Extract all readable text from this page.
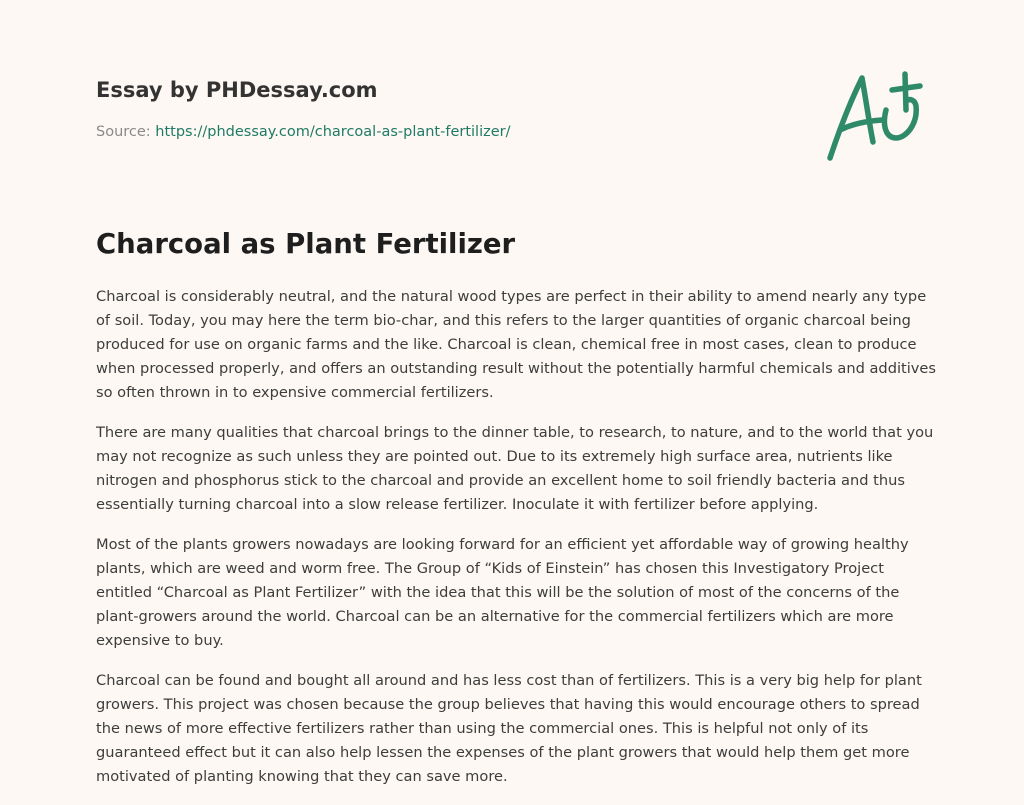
Essay by PHDessay.com
Source: https://phdessay.com/charcoal-as-plant-fertilizer/
Charcoal as Plant Fertilizer

Charcoal is considerably neutral, and the natural wood types are perfect in their ability to amend nearly any type of soil. Today, you may here the term bio-char, and this refers to the larger quantities of organic charcoal being produced for use on organic farms and the like. Charcoal is clean, chemical free in most cases, clean to produce when processed properly, and offers an outstanding result without the potentially harmful chemicals and additives so often thrown in to expensive commercial fertilizers.

There are many qualities that charcoal brings to the dinner table, to research, to nature, and to the world that you may not recognize as such unless they are pointed out. Due to its extremely high surface area, nutrients like nitrogen and phosphorus stick to the charcoal and provide an excellent home to soil friendly bacteria and thus essentially turning charcoal into a slow release fertilizer. Inoculate it with fertilizer before applying.

Most of the plants growers nowadays are looking forward for an efficient yet affordable way of growing healthy plants, which are weed and worm free. The Group of “Kids of Einstein” has chosen this Investigatory Project entitled “Charcoal as Plant Fertilizer” with the idea that this will be the solution of most of the concerns of the plant-growers around the world. Charcoal can be an alternative for the commercial fertilizers which are more expensive to buy.

Charcoal can be found and bought all around and has less cost than of fertilizers. This is a very big help for plant growers. This project was chosen because the group believes that having this would encourage others to spread the news of more effective fertilizers rather than using the commercial ones. This is helpful not only of its guaranteed effect but it can also help lessen the expenses of the plant growers that would help them get more motivated of planting knowing that they can save more.
